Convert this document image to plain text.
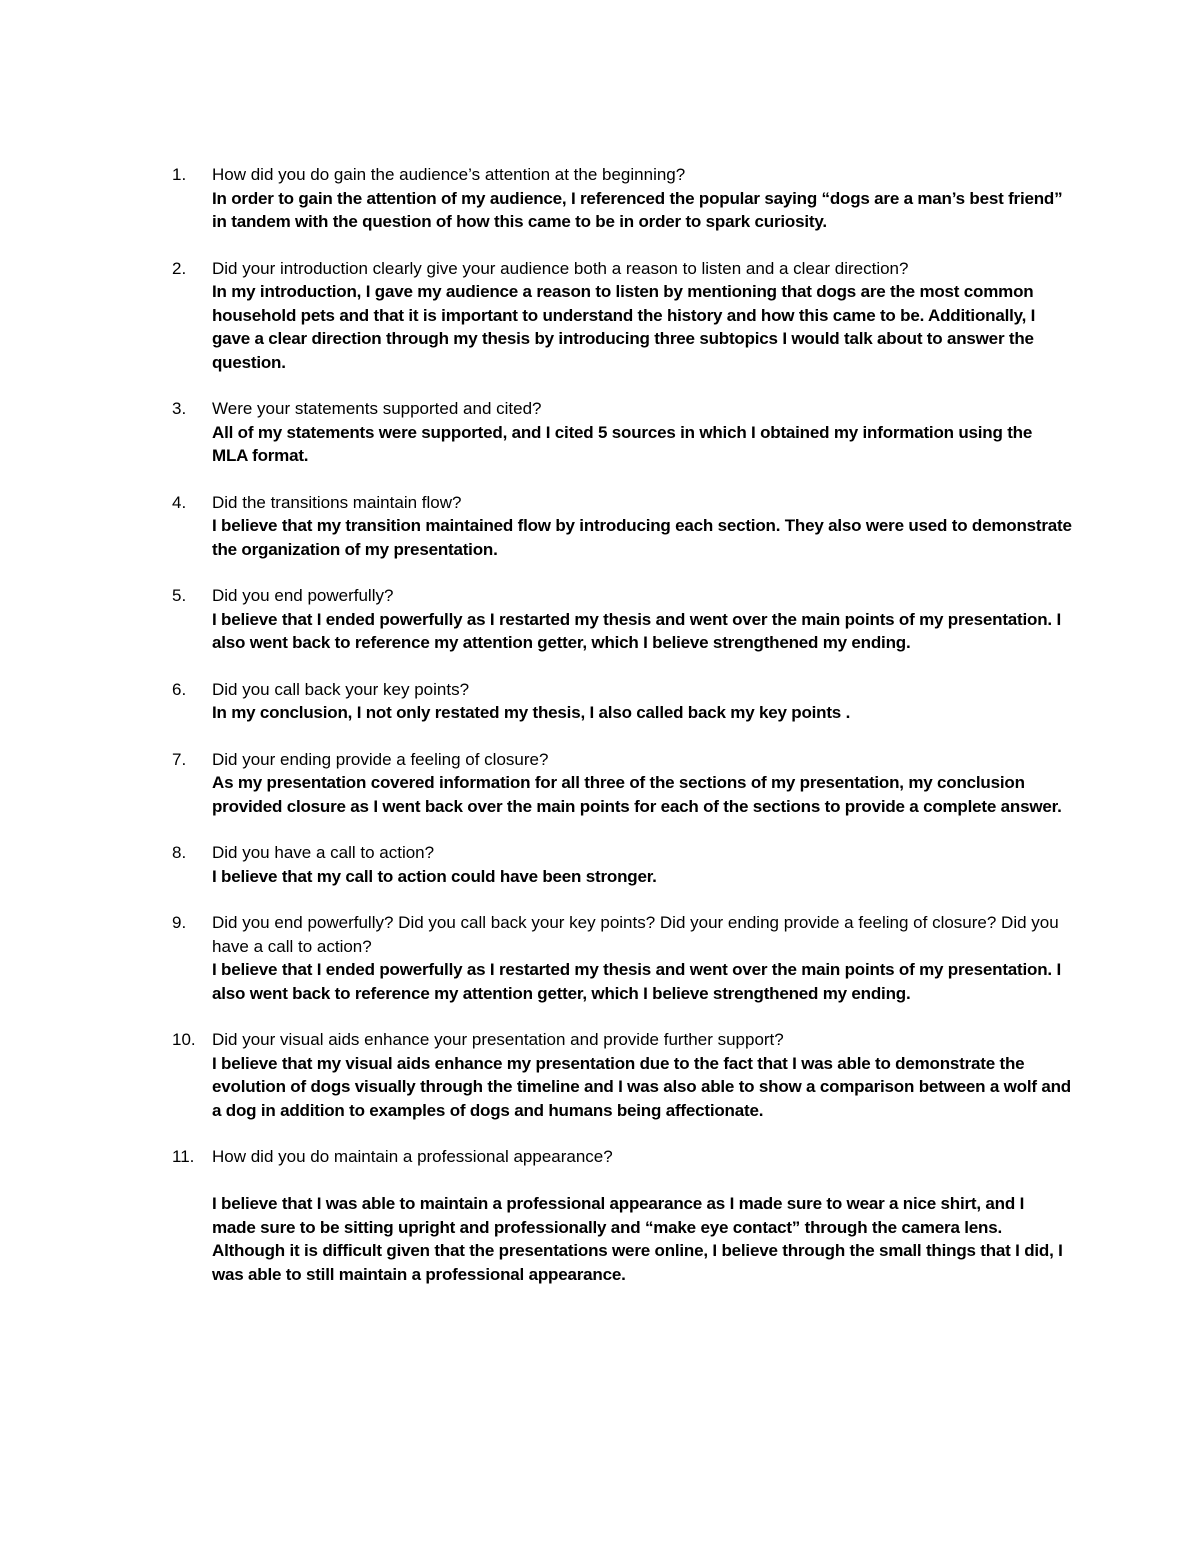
1.	How did you do gain the audience’s attention at the beginning?
In order to gain the attention of my audience, I referenced the popular saying “dogs are a man’s best friend” in tandem with the question of how this came to be in order to spark curiosity.
2.	Did your introduction clearly give your audience both a reason to listen and a clear direction?
In my introduction, I gave my audience a reason to listen by mentioning that dogs are the most common household pets and that it is important to understand the history and how this came to be. Additionally, I gave a clear direction through my thesis by introducing three subtopics I would talk about to answer the question.
3.	Were your statements supported and cited?
All of my statements were supported, and I cited 5 sources in which I obtained my information using the MLA format.
4.	Did the transitions maintain flow?
I believe that my transition maintained flow by introducing each section. They also were used to demonstrate the organization of my presentation.
5.	Did you end powerfully?
I believe that I ended powerfully as I restarted my thesis and went over the main points of my presentation. I also went back to reference my attention getter, which I believe strengthened my ending.
6.	Did you call back your key points?
In my conclusion, I not only restated my thesis, I also called back my key points .
7.	Did your ending provide a feeling of closure?
As my presentation covered information for all three of the sections of my presentation, my conclusion provided closure as I went back over the main points for each of the sections to provide a complete answer.
8.	Did you have a call to action?
I believe that my call to action could have been stronger.
9.	Did you end powerfully? Did you call back your key points? Did your ending provide a feeling of closure? Did you have a call to action?
I believe that I ended powerfully as I restarted my thesis and went over the main points of my presentation. I also went back to reference my attention getter, which I believe strengthened my ending.
10. Did your visual aids enhance your presentation and provide further support?
I believe that my visual aids enhance my presentation due to the fact that I was able to demonstrate the evolution of dogs visually through the timeline and I was also able to show a comparison between a wolf and a dog in addition to examples of dogs and humans being affectionate.
11.	How did you do maintain a professional appearance?
I believe that I was able to maintain a professional appearance as I made sure to wear a nice shirt, and I made sure to be sitting upright and professionally and “make eye contact” through the camera lens. Although it is difficult given that the presentations were online, I believe through the small things that I did, I was able to still maintain a professional appearance.
